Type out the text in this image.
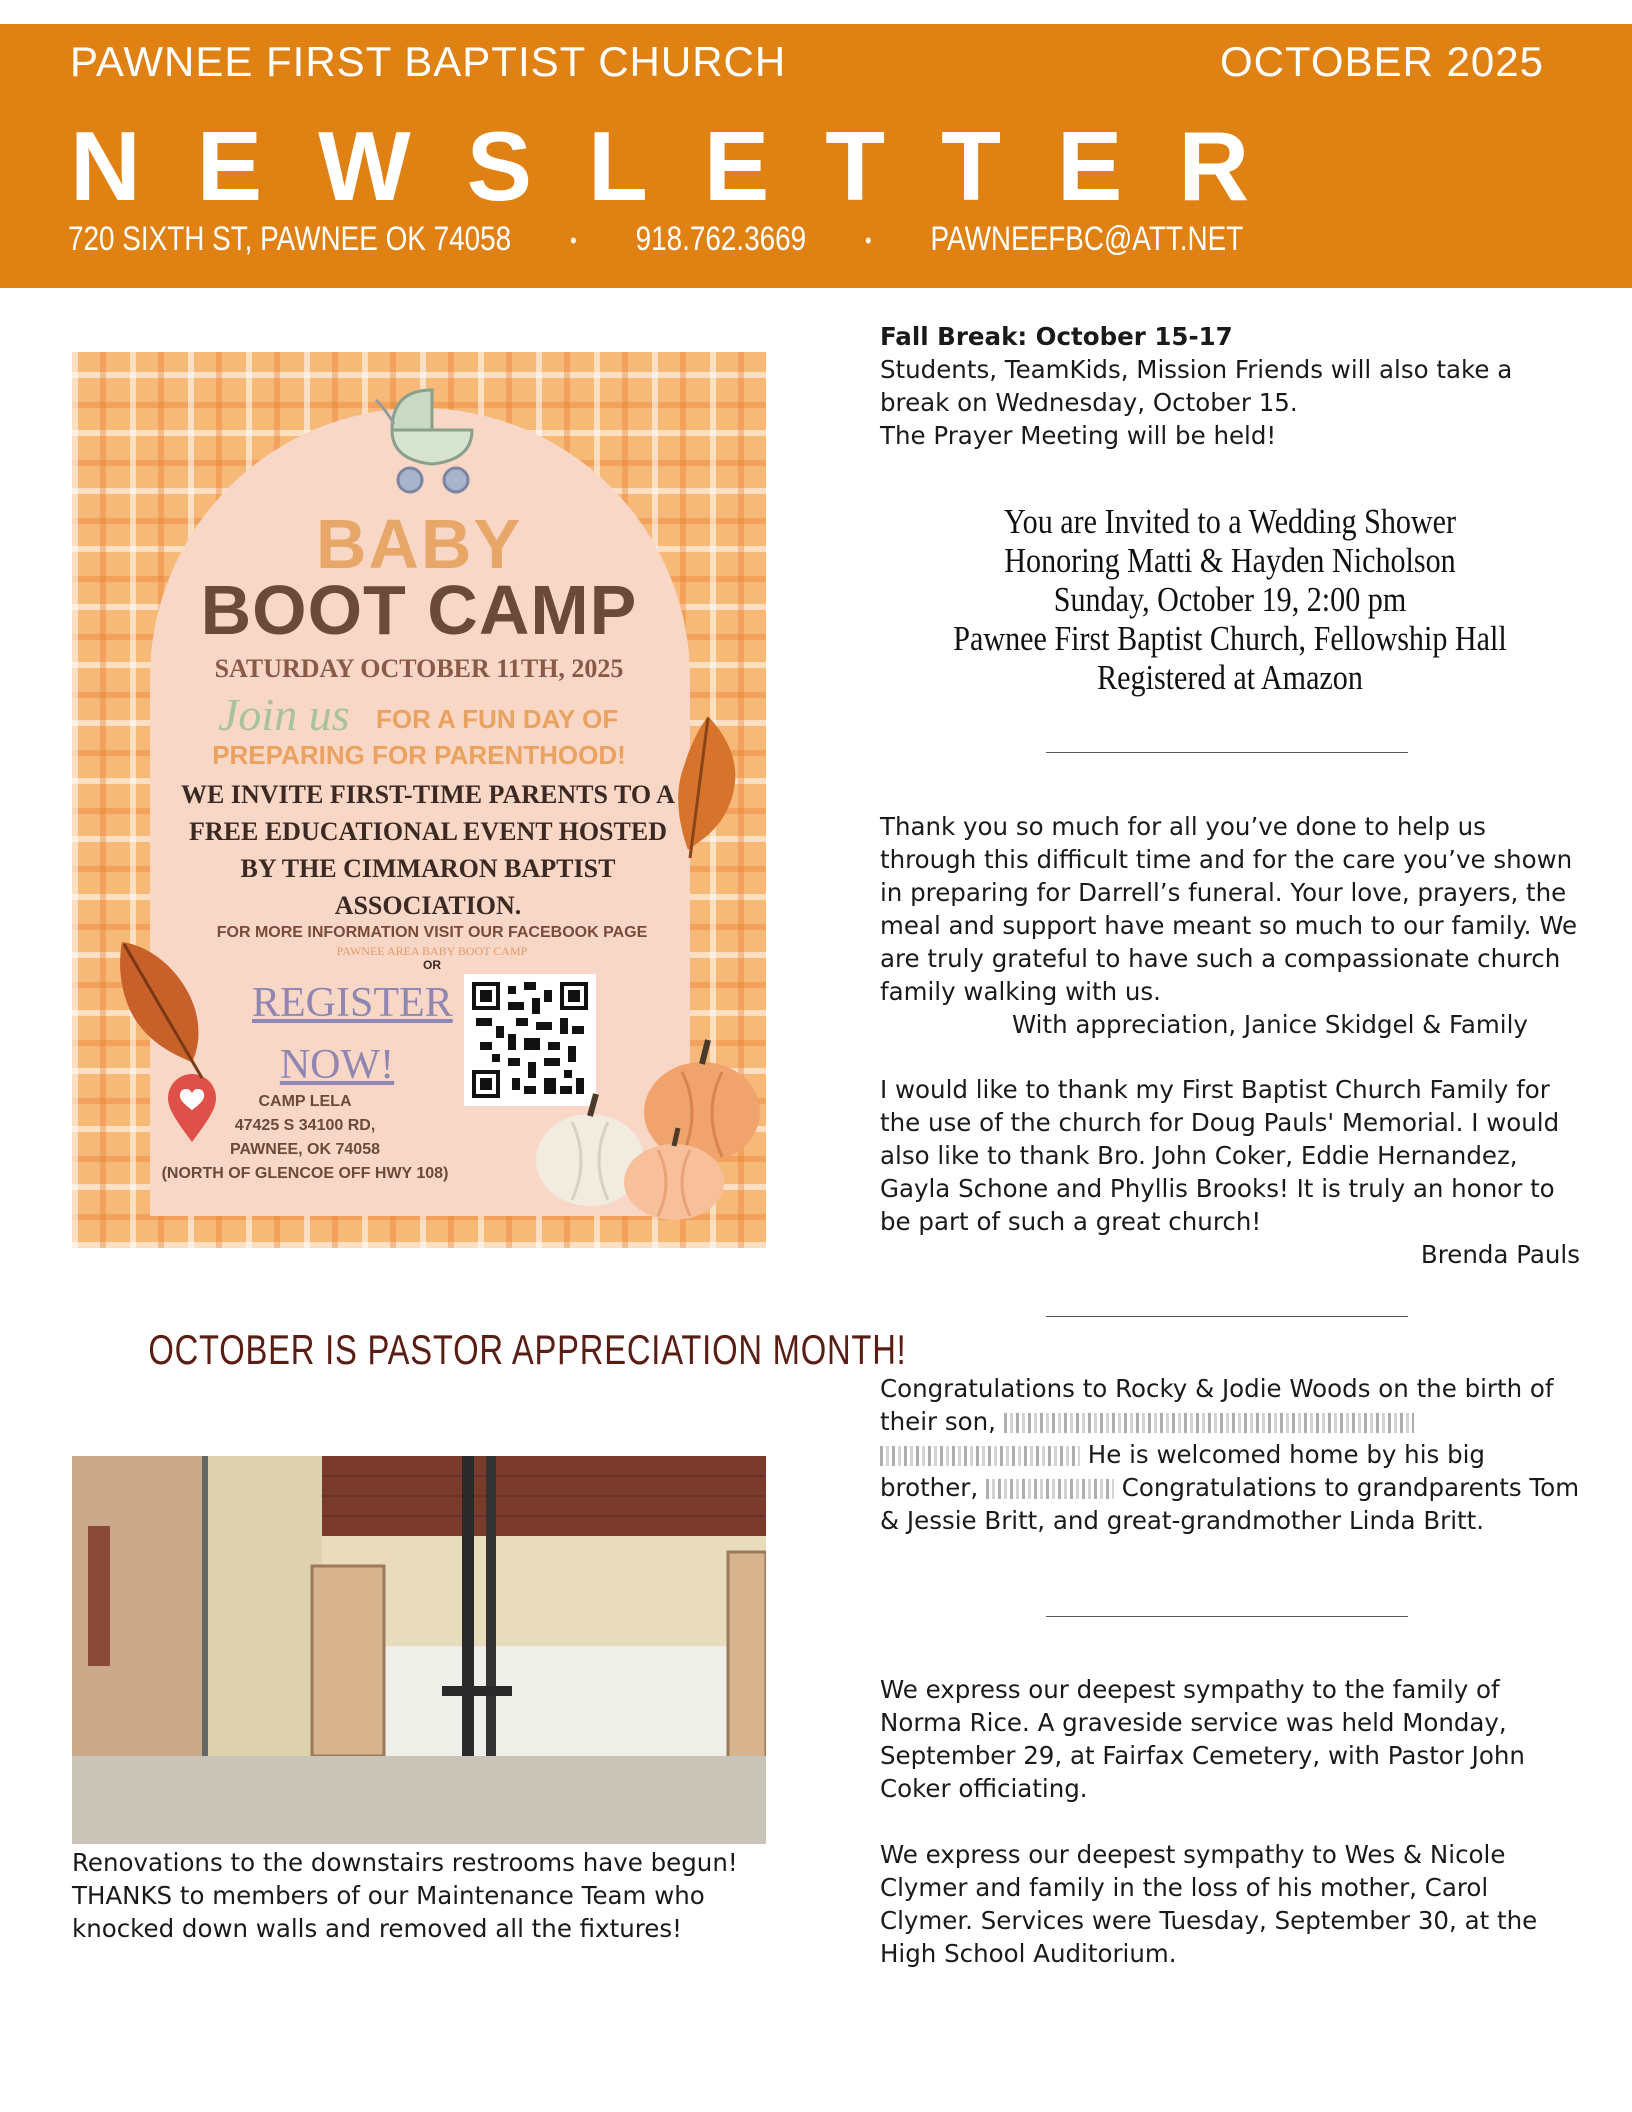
PAWNEE FIRST BAPTIST CHURCH	OCTOBER 2025
NEWSLETTER
720 SIXTH ST, PAWNEE OK 74058	• 918.762.3669	• PAWNEEFBC@ATT.NET
BABY
BOOT CAMP
SATURDAY OCTOBER 11TH, 2025
Join us FOR A FUN DAY OF
PREPARING FOR PARENTHOOD!
WE INVITE FIRST-TIME PARENTS TO A FREE EDUCATIONAL EVENT HOSTED BY THE CIMMARON BAPTIST ASSOCIATION.
FOR MORE INFORMATION VISIT OUR FACEBOOK PAGE
PAWNEE AREA BABY BOOT CAMP
OR
REGISTER
NOW!
CAMP LELA
47425 S 34100 RD,
PAWNEE, OK 74058
(NORTH OF GLENCOE OFF HWY 108)
OCTOBER IS PASTOR APPRECIATION MONTH!
Renovations to the downstairs restrooms have begun! THANKS to members of our Maintenance Team who knocked down walls and removed all the fixtures!
Fall Break: October 15-17
Students, TeamKids, Mission Friends will also take a break on Wednesday, October 15.
The Prayer Meeting will be held!
You are Invited to a Wedding Shower
Honoring Matti & Hayden Nicholson
Sunday, October 19, 2:00 pm
Pawnee First Baptist Church, Fellowship Hall
Registered at Amazon
Thank you so much for all you’ve done to help us through this difficult time and for the care you’ve shown in preparing for Darrell’s funeral. Your love, prayers, the meal and support have meant so much to our family. We are truly grateful to have such a compassionate church family walking with us.
With appreciation, Janice Skidgel & Family
I would like to thank my First Baptist Church Family for the use of the church for Doug Pauls' Memorial. I would also like to thank Bro. John Coker, Eddie Hernandez, Gayla Schone and Phyllis Brooks! It is truly an honor to be part of such a great church!
Brenda Pauls
Congratulations to Rocky & Jodie Woods on the birth of their son,   He is welcomed home by his big brother,	Congratulations to grandparents Tom & Jessie Britt, and great-grandmother Linda Britt.
We express our deepest sympathy to the family of Norma Rice. A graveside service was held Monday, September 29, at Fairfax Cemetery, with Pastor John Coker officiating.
We express our deepest sympathy to Wes & Nicole Clymer and family in the loss of his mother, Carol Clymer. Services were Tuesday, September 30, at the High School Auditorium.
